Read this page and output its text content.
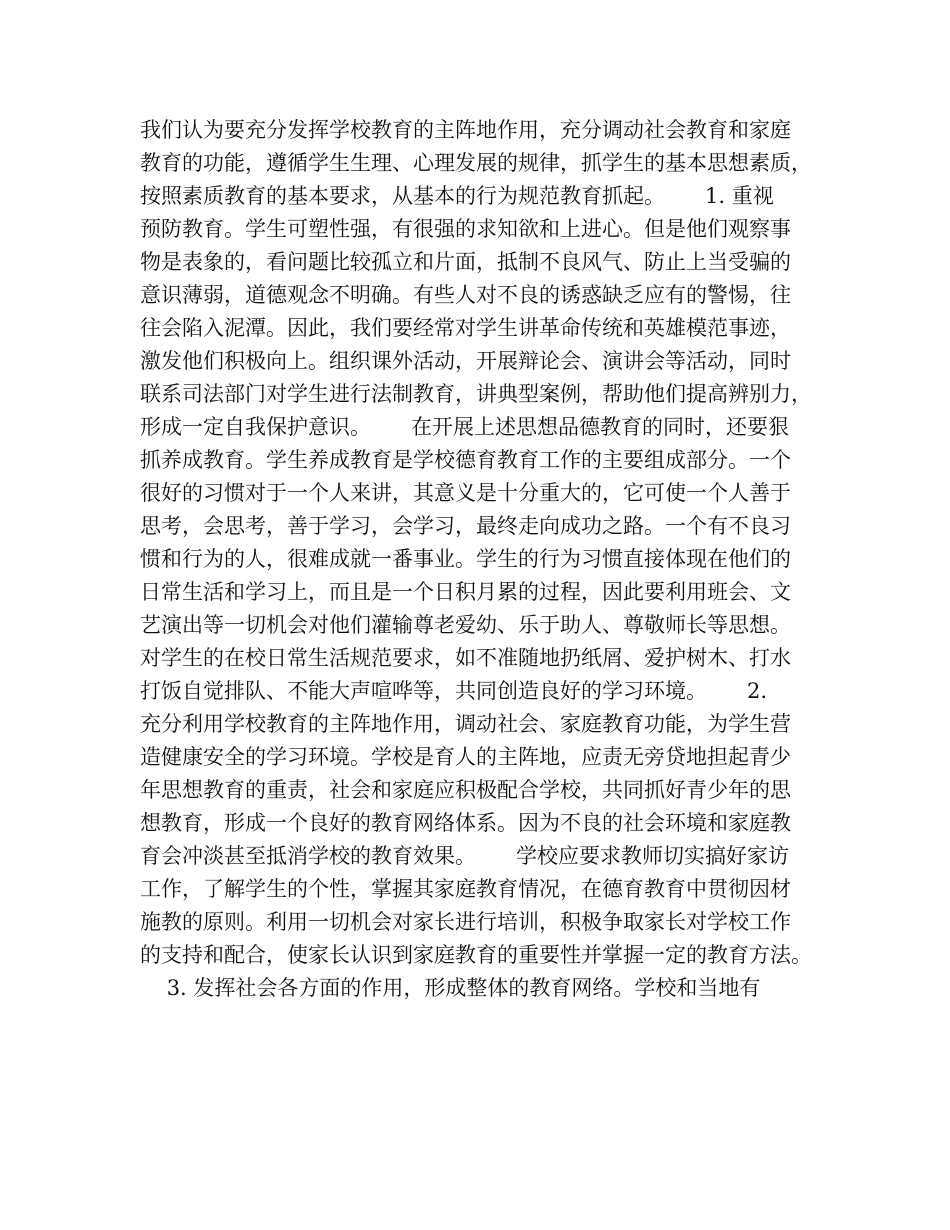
我们认为要充分发挥学校教育的主阵地作用，充分调动社会教育和家庭
教育的功能，遵循学生生理、心理发展的规律，抓学生的基本思想素质，
按照素质教育的基本要求，从基本的行为规范教育抓起。      1. 重视
预防教育。学生可塑性强，有很强的求知欲和上进心。但是他们观察事
物是表象的，看问题比较孤立和片面，抵制不良风气、防止上当受骗的
意识薄弱，道德观念不明确。有些人对不良的诱惑缺乏应有的警惕，往
往会陷入泥潭。因此，我们要经常对学生讲革命传统和英雄模范事迹，
激发他们积极向上。组织课外活动，开展辩论会、演讲会等活动，同时
联系司法部门对学生进行法制教育，讲典型案例，帮助他们提高辨别力，
形成一定自我保护意识。      在开展上述思想品德教育的同时，还要狠
抓养成教育。学生养成教育是学校德育教育工作的主要组成部分。一个
很好的习惯对于一个人来讲，其意义是十分重大的，它可使一个人善于
思考，会思考，善于学习，会学习，最终走向成功之路。一个有不良习
惯和行为的人，很难成就一番事业。学生的行为习惯直接体现在他们的
日常生活和学习上，而且是一个日积月累的过程，因此要利用班会、文
艺演出等一切机会对他们灌输尊老爱幼、乐于助人、尊敬师长等思想。
对学生的在校日常生活规范要求，如不准随地扔纸屑、爱护树木、打水
打饭自觉排队、不能大声喧哗等，共同创造良好的学习环境。      2.
充分利用学校教育的主阵地作用，调动社会、家庭教育功能，为学生营
造健康安全的学习环境。学校是育人的主阵地，应责无旁贷地担起青少
年思想教育的重责，社会和家庭应积极配合学校，共同抓好青少年的思
想教育，形成一个良好的教育网络体系。因为不良的社会环境和家庭教
育会冲淡甚至抵消学校的教育效果。      学校应要求教师切实搞好家访
工作，了解学生的个性，掌握其家庭教育情况，在德育教育中贯彻因材
施教的原则。利用一切机会对家长进行培训，积极争取家长对学校工作
的支持和配合，使家长认识到家庭教育的重要性并掌握一定的教育方法。
3. 发挥社会各方面的作用，形成整体的教育网络。学校和当地有
